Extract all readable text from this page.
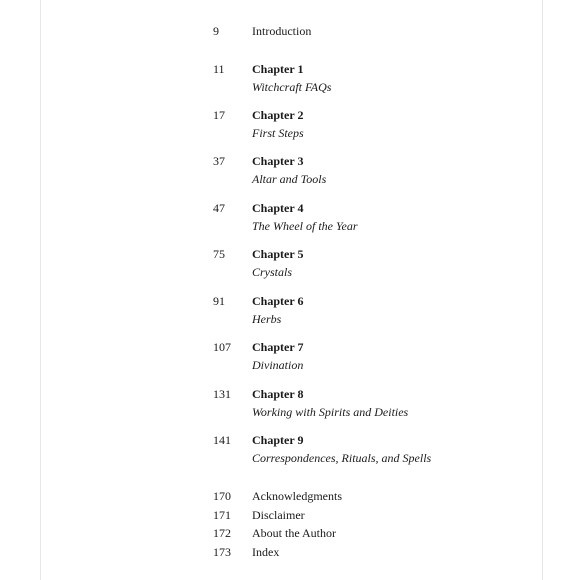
9	Introduction
11	Chapter 1
Witchcraft FAQs
17	Chapter 2
First Steps
37	Chapter 3
Altar and Tools
47	Chapter 4
The Wheel of the Year
75	Chapter 5
Crystals
91	Chapter 6
Herbs
107	Chapter 7
Divination
131	Chapter 8
Working with Spirits and Deities
141	Chapter 9
Correspondences, Rituals, and Spells
170	Acknowledgments
171	Disclaimer
172	About the Author
173	Index
